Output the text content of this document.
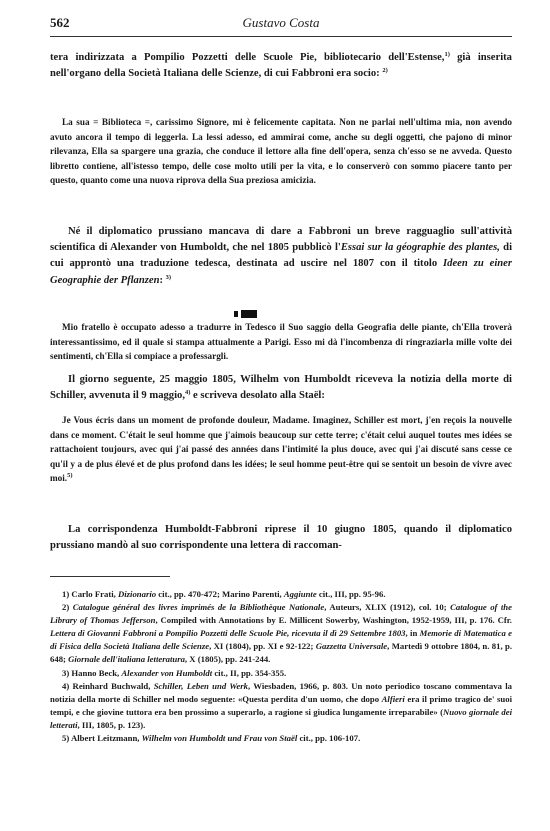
562	Gustavo Costa

tera indirizzata a Pompilio Pozzetti delle Scuole Pie, bibliotecario dell'Estense,$^{1)}$ già inserita nell'organo della Società Italiana delle Scienze, di cui Fabbroni era socio: $^{2)}$

La sua = Biblioteca =, carissimo Signore, mi è felicemente capitata. Non ne parlai nell'ultima mia, non avendo avuto ancora il tempo di leggerla. La lessi adesso, ed ammirai come, anche su degli oggetti, che pajono di minor rilevanza, Ella sa spargere una grazia, che conduce il lettore alla fine dell'opera, senza ch'esso se ne avveda. Questo libretto contiene, all'istesso tempo, delle cose molto utili per la vita, e lo conserverò con sommo piacere tanto per questo, quanto come una nuova riprova della Sua preziosa amicizia.

Né il diplomatico prussiano mancava di dare a Fabbroni un breve ragguaglio sull'attività scientifica di Alexander von Humboldt, che nel 1805 pubblicò l'Essai sur la géographie des plantes, di cui approntò una traduzione tedesca, destinata ad uscire nel 1807 con il titolo Ideen zu einer Geographie der Pflanzen: $^{3)}$

Mio fratello è occupato adesso a tradurre in Tedesco il Suo saggio della Geografia delle piante, ch'Ella troverà interessantissimo, ed il quale si stampa attualmente a Parigi. Esso mi dà l'incombenza di ringraziarla mille volte dei sentimenti, ch'Ella si compiace a professargli.

Il giorno seguente, 25 maggio 1805, Wilhelm von Humboldt riceveva la notizia della morte di Schiller, avvenuta il 9 maggio,$^{4)}$ e scriveva desolato alla Staël:

Je Vous écris dans un moment de profonde douleur, Madame. Imaginez, Schiller est mort, j'en reçois la nouvelle dans ce moment. C'était le seul homme que j'aimois beaucoup sur cette terre; c'était celui auquel toutes mes idées se rattachoient toujours, avec qui j'ai passé des années dans l'intimité la plus douce, avec qui j'ai discuté sans cesse ce qu'il y a de plus élevé et de plus profond dans les idées; le seul homme peut-être qui se sentoit un besoin de vivre avec moi.$^{5)}$

La corrispondenza Humboldt-Fabbroni riprese il 10 giugno 1805, quando il diplomatico prussiano mandò al suo corrispondente una lettera di raccoman-

1) Carlo Frati, Dizionario cit., pp. 470-472; Marino Parenti, Aggiunte cit., III, pp. 95-96.

2) Catalogue général des livres imprimés de la Bibliothèque Nationale, Auteurs, XLIX (1912), col. 10; Catalogue of the Library of Thomas Jefferson, Compiled with Annotations by E. Millicent Sowerby, Washington, 1952-1959, III, p. 176. Cfr. Lettera di Giovanni Fabbroni a Pompilio Pozzetti delle Scuole Pie, ricevuta il dì 29 Settembre 1803, in Memorie di Matematica e di Fisica della Società Italiana delle Scienze, XI (1804), pp. XI e 92-122; Gazzetta Universale, Martedì 9 ottobre 1804, n. 81, p. 648; Giornale dell'italiana letteratura, X (1805), pp. 241-244.

3) Hanno Beck, Alexander von Humboldt cit., II, pp. 354-355.

4) Reinhard Buchwald, Schiller, Leben und Werk, Wiesbaden, 1966, p. 803. Un noto periodico toscano commentava la notizia della morte di Schiller nel modo seguente: «Questa perdita d'un uomo, che dopo Alfieri era il primo tragico de' suoi tempi, e che giovine tuttora era ben prossimo a superarlo, a ragione si giudica lungamente irreparabile» (Nuovo giornale dei letterati, III, 1805, p. 123).

5) Albert Leitzmann, Wilhelm von Humboldt und Frau von Staël cit., pp. 106-107.
